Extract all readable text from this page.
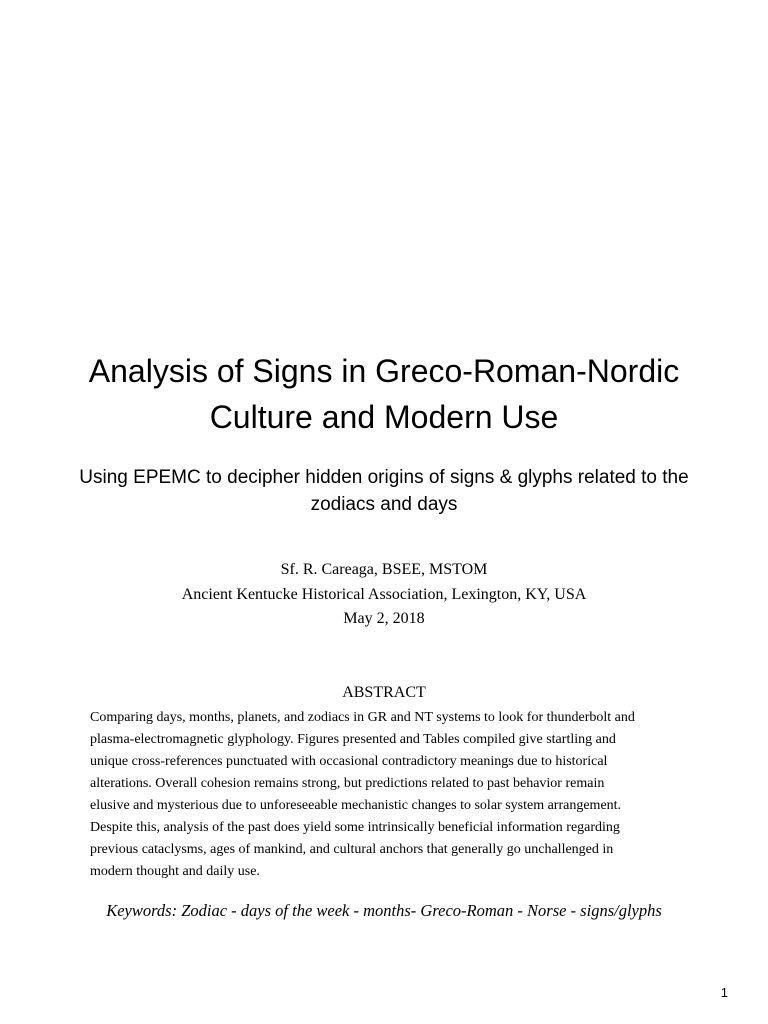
Analysis of Signs in Greco-Roman-Nordic
Culture and Modern Use
Using EPEMC to decipher hidden origins of signs & glyphs related to the
zodiacs and days
Sf. R. Careaga, BSEE, MSTOM
Ancient Kentucke Historical Association, Lexington, KY, USA
May 2, 2018
ABSTRACT
Comparing days, months, planets, and zodiacs in GR and NT systems to look for thunderbolt and
plasma-electromagnetic glyphology. Figures presented and Tables compiled give startling and
unique cross-references punctuated with occasional contradictory meanings due to historical
alterations. Overall cohesion remains strong, but predictions related to past behavior remain
elusive and mysterious due to unforeseeable mechanistic changes to solar system arrangement.
Despite this, analysis of the past does yield some intrinsically beneficial information regarding
previous cataclysms, ages of mankind, and cultural anchors that generally go unchallenged in
modern thought and daily use.
Keywords: Zodiac - days of the week - months- Greco-Roman - Norse - signs/glyphs
1
